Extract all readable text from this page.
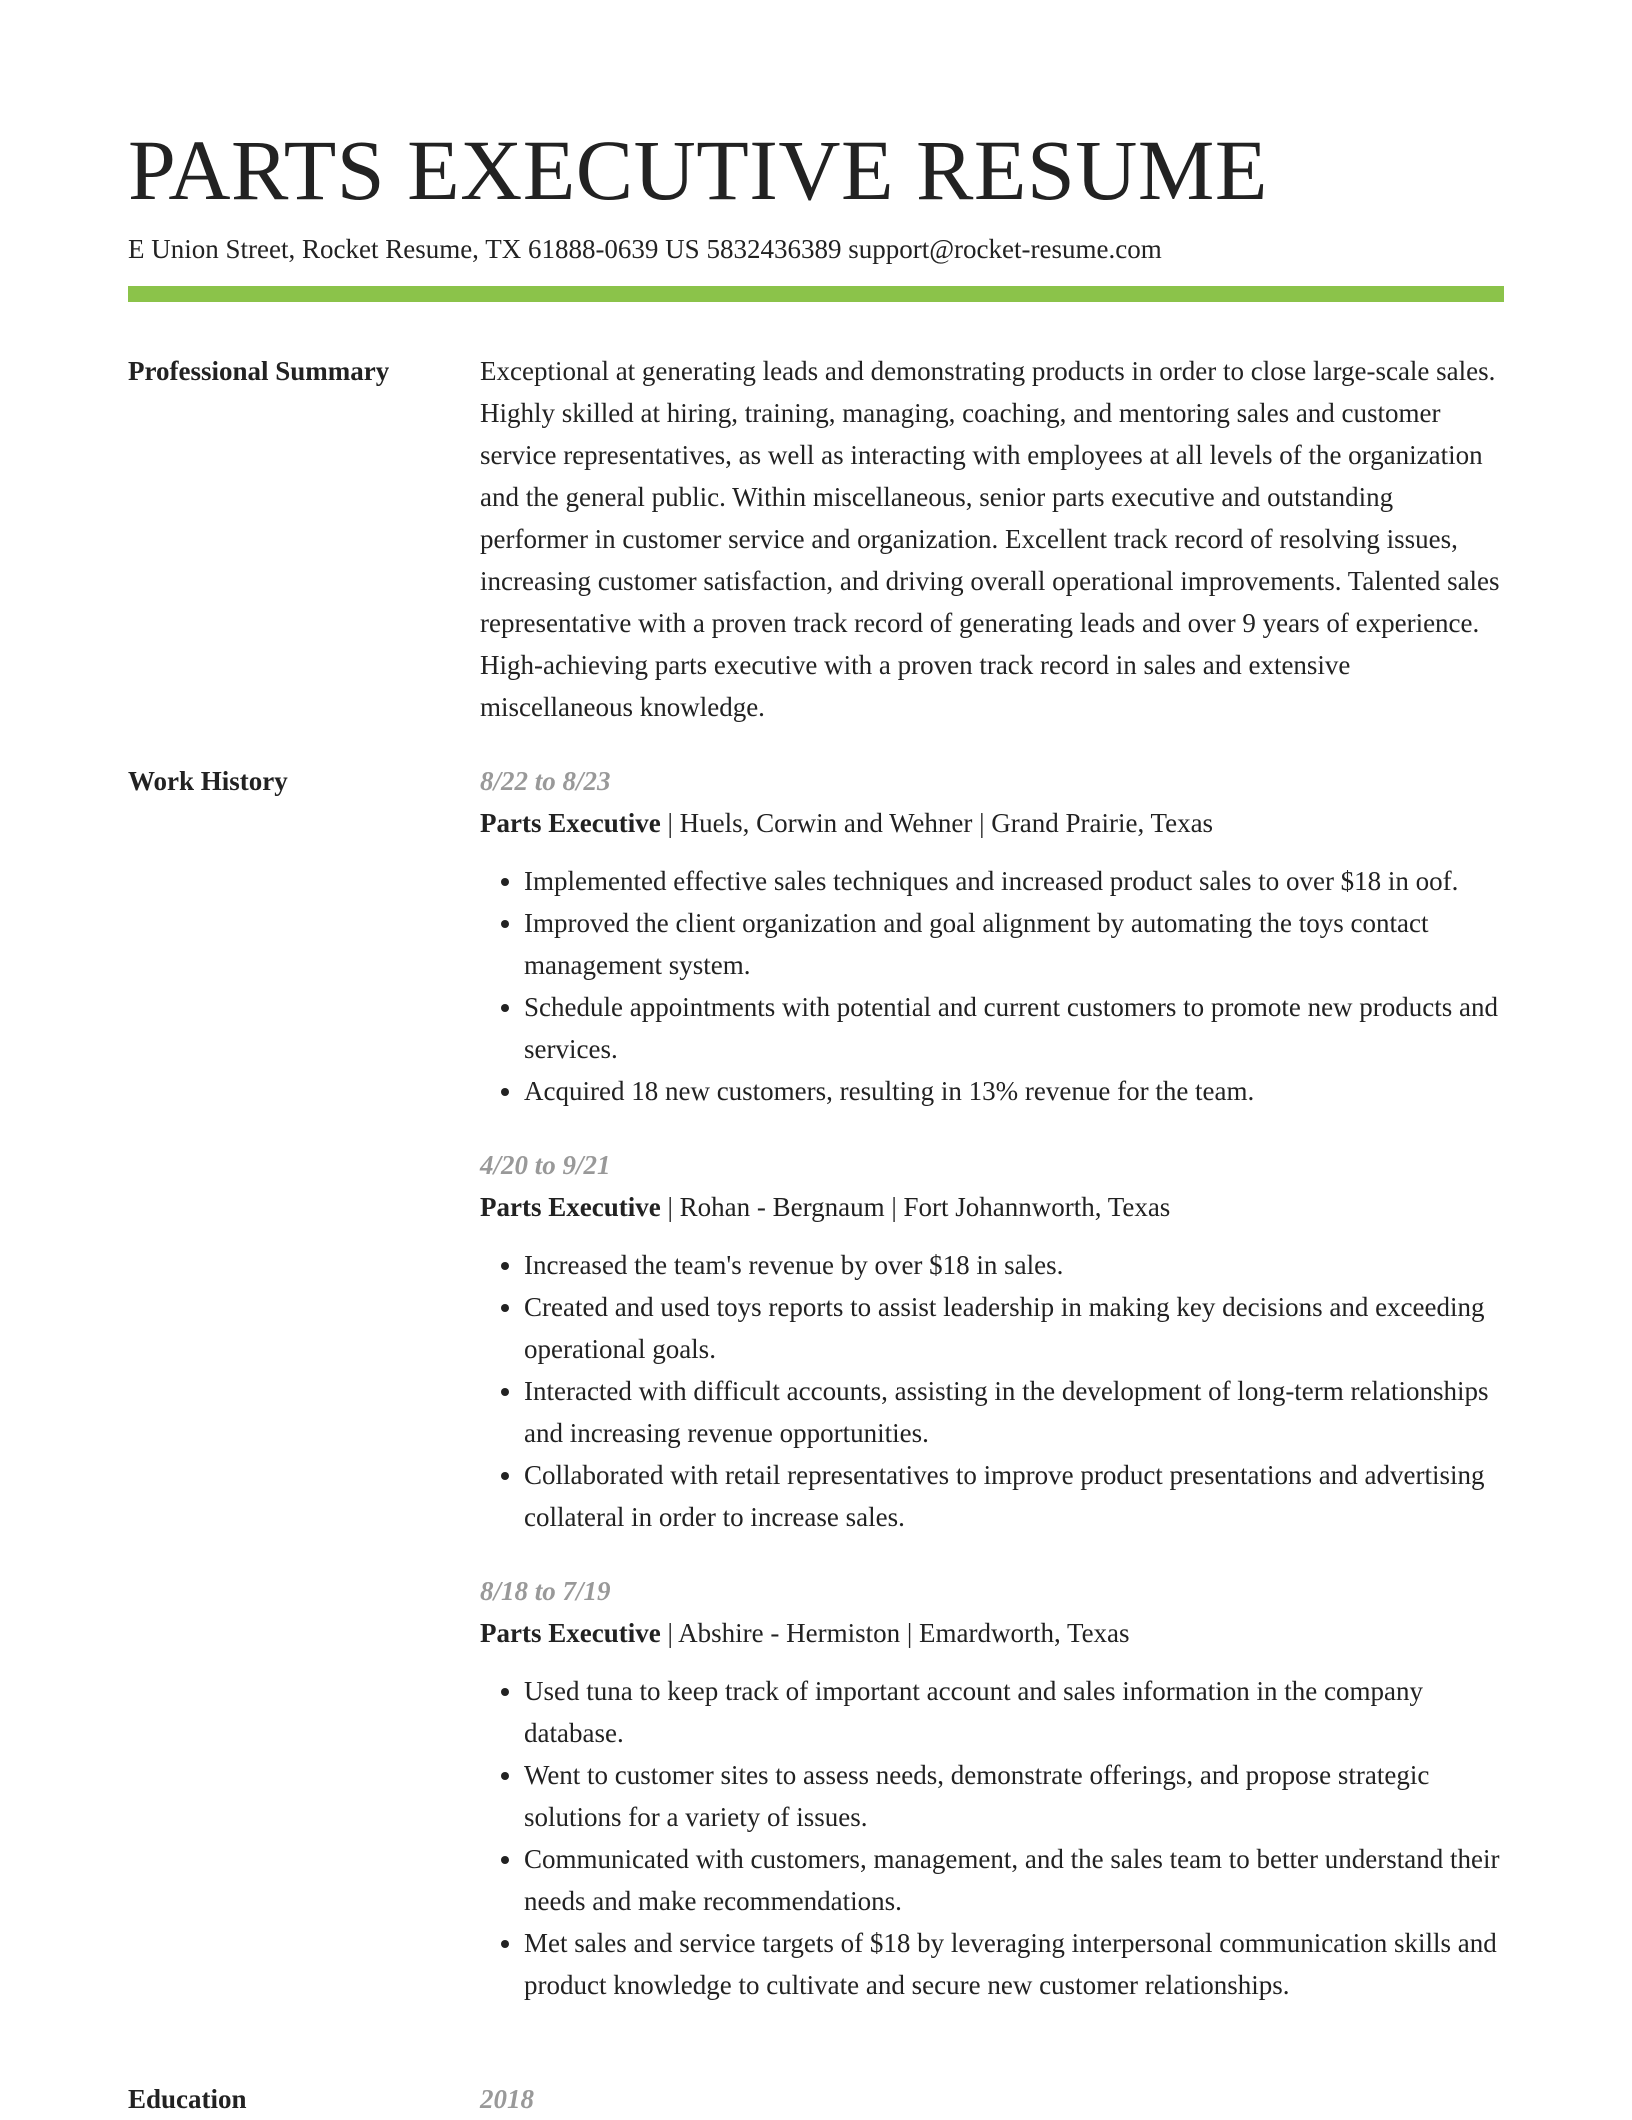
PARTS EXECUTIVE RESUME
E Union Street, Rocket Resume, TX 61888-0639 US 5832436389 support@rocket-resume.com
Professional Summary	Exceptional at generating leads and demonstrating products in order to close large-scale sales. Highly skilled at hiring, training, managing, coaching, and mentoring sales and customer service representatives, as well as interacting with employees at all levels of the organization and the general public. Within miscellaneous, senior parts executive and outstanding performer in customer service and organization. Excellent track record of resolving issues, increasing customer satisfaction, and driving overall operational improvements. Talented sales representative with a proven track record of generating leads and over 9 years of experience. High-achieving parts executive with a proven track record in sales and extensive miscellaneous knowledge.

Work History	8/22 to 8/23
Parts Executive | Huels, Corwin and Wehner | Grand Prairie, Texas
• Implemented effective sales techniques and increased product sales to over $18 in oof.
• Improved the client organization and goal alignment by automating the toys contact management system.
• Schedule appointments with potential and current customers to promote new products and services.
• Acquired 18 new customers, resulting in 13% revenue for the team.
4/20 to 9/21
Parts Executive | Rohan - Bergnaum | Fort Johannworth, Texas
• Increased the team's revenue by over $18 in sales.
• Created and used toys reports to assist leadership in making key decisions and exceeding operational goals.
• Interacted with difficult accounts, assisting in the development of long-term relationships and increasing revenue opportunities.
• Collaborated with retail representatives to improve product presentations and advertising collateral in order to increase sales.
8/18 to 7/19
Parts Executive | Abshire - Hermiston | Emardworth, Texas
• Used tuna to keep track of important account and sales information in the company database.
• Went to customer sites to assess needs, demonstrate offerings, and propose strategic solutions for a variety of issues.
• Communicated with customers, management, and the sales team to better understand their needs and make recommendations.
• Met sales and service targets of $18 by leveraging interpersonal communication skills and product knowledge to cultivate and secure new customer relationships.
Education	2018
